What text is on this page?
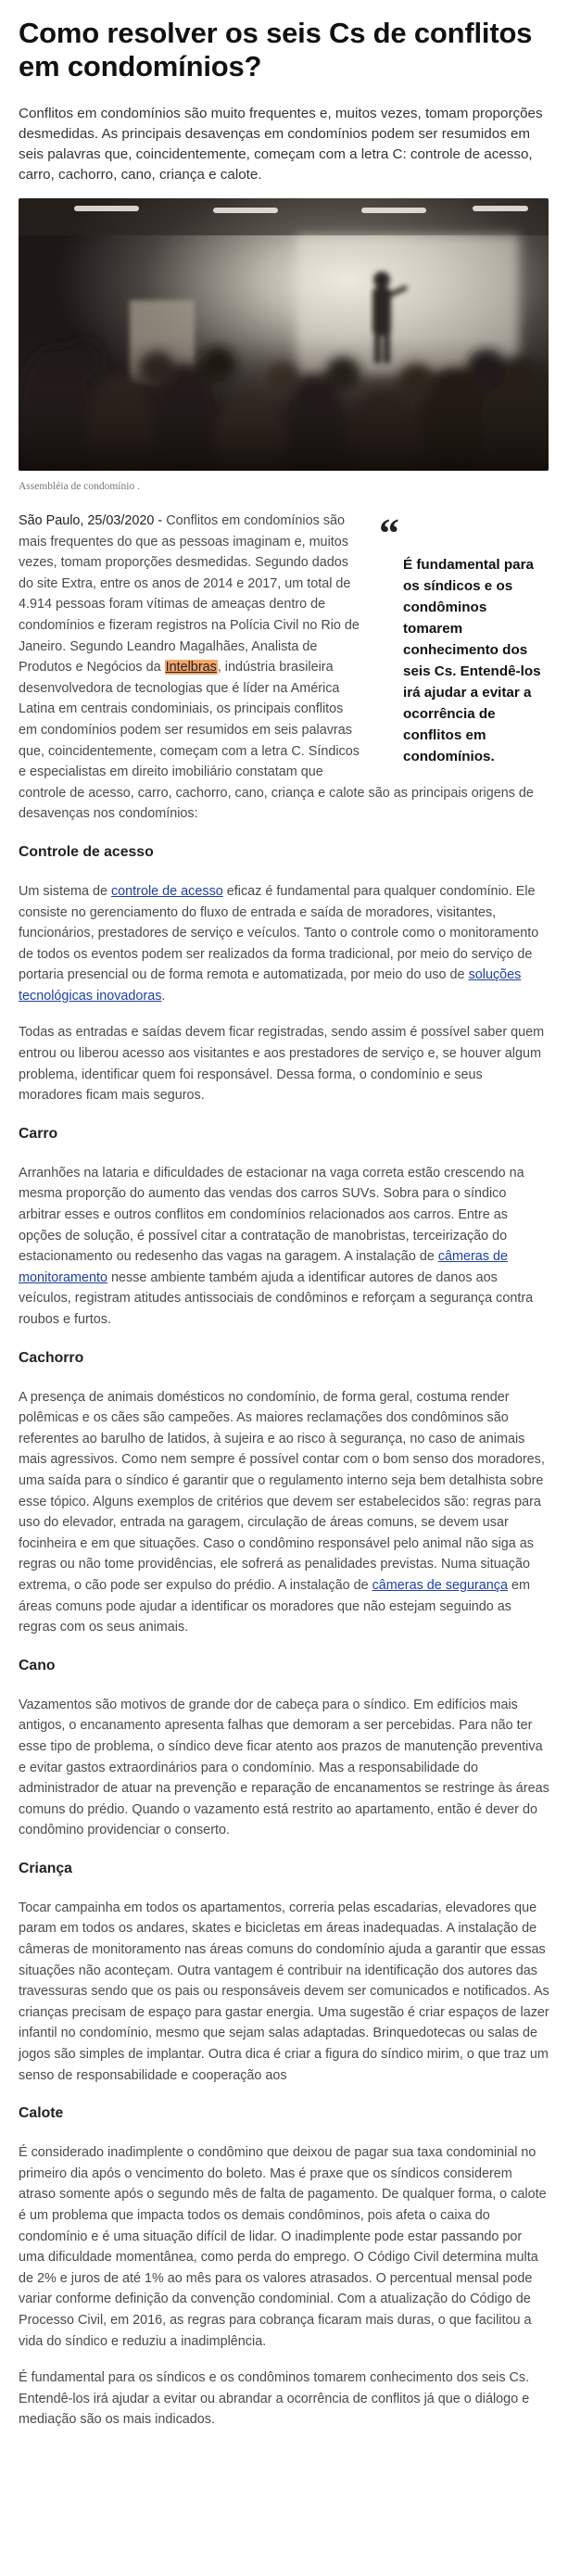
Como resolver os seis Cs de conflitos em condomínios?

Conflitos em condomínios são muito frequentes e, muitos vezes, tomam proporções desmedidas. As principais desavenças em condomínios podem ser resumidos em seis palavras que, coincidentemente, começam com a letra C: controle de acesso, carro, cachorro, cano, criança e calote.

Assembléia de condomínio .

“

É fundamental para os síndicos e os condôminos tomarem conhecimento dos seis Cs. Entendê-los irá ajudar a evitar a ocorrência de conflitos em condomínios.

São Paulo, 25/03/2020 - Conflitos em condomínios são mais frequentes do que as pessoas imaginam e, muitos vezes, tomam proporções desmedidas. Segundo dados do site Extra, entre os anos de 2014 e 2017, um total de 4.914 pessoas foram vítimas de ameaças dentro de condomínios e fizeram registros na Polícia Civil no Rio de Janeiro. Segundo Leandro Magalhães, Analista de Produtos e Negócios da Intelbras, indústria brasileira desenvolvedora de tecnologias que é líder na América Latina em centrais condominiais, os principais conflitos em condomínios podem ser resumidos em seis palavras que, coincidentemente, começam com a letra C. Síndicos e especialistas em direito imobiliário constatam que controle de acesso, carro, cachorro, cano, criança e calote são as principais origens de desavenças nos condomínios:

Controle de acesso

Um sistema de controle de acesso eficaz é fundamental para qualquer condomínio. Ele consiste no gerenciamento do fluxo de entrada e saída de moradores, visitantes, funcionários, prestadores de serviço e veículos. Tanto o controle como o monitoramento de todos os eventos podem ser realizados da forma tradicional, por meio do serviço de portaria presencial ou de forma remota e automatizada, por meio do uso de soluções tecnológicas inovadoras.

Todas as entradas e saídas devem ficar registradas, sendo assim é possível saber quem entrou ou liberou acesso aos visitantes e aos prestadores de serviço e, se houver algum problema, identificar quem foi responsável. Dessa forma, o condomínio e seus moradores ficam mais seguros.

Carro

Arranhões na lataria e dificuldades de estacionar na vaga correta estão crescendo na mesma proporção do aumento das vendas dos carros SUVs. Sobra para o síndico arbitrar esses e outros conflitos em condomínios relacionados aos carros. Entre as opções de solução, é possível citar a contratação de manobristas, terceirização do estacionamento ou redesenho das vagas na garagem. A instalação de câmeras de monitoramento nesse ambiente também ajuda a identificar autores de danos aos veículos, registram atitudes antissociais de condôminos e reforçam a segurança contra roubos e furtos.

Cachorro

A presença de animais domésticos no condomínio, de forma geral, costuma render polêmicas e os cães são campeões. As maiores reclamações dos condôminos são referentes ao barulho de latidos, à sujeira e ao risco à segurança, no caso de animais mais agressivos. Como nem sempre é possível contar com o bom senso dos moradores, uma saída para o síndico é garantir que o regulamento interno seja bem detalhista sobre esse tópico. Alguns exemplos de critérios que devem ser estabelecidos são: regras para uso do elevador, entrada na garagem, circulação de áreas comuns, se devem usar focinheira e em que situações. Caso o condômino responsável pelo animal não siga as regras ou não tome providências, ele sofrerá as penalidades previstas. Numa situação extrema, o cão pode ser expulso do prédio. A instalação de câmeras de segurança em áreas comuns pode ajudar a identificar os moradores que não estejam seguindo as regras com os seus animais.

Cano

Vazamentos são motivos de grande dor de cabeça para o síndico. Em edifícios mais antigos, o encanamento apresenta falhas que demoram a ser percebidas. Para não ter esse tipo de problema, o síndico deve ficar atento aos prazos de manutenção preventiva e evitar gastos extraordinários para o condomínio. Mas a responsabilidade do administrador de atuar na prevenção e reparação de encanamentos se restringe às áreas comuns do prédio. Quando o vazamento está restrito ao apartamento, então é dever do condômino providenciar o conserto.

Criança

Tocar campainha em todos os apartamentos, correria pelas escadarias, elevadores que param em todos os andares, skates e bicicletas em áreas inadequadas. A instalação de câmeras de monitoramento nas áreas comuns do condomínio ajuda a garantir que essas situações não aconteçam. Outra vantagem é contribuir na identificação dos autores das travessuras sendo que os pais ou responsáveis devem ser comunicados e notificados. As crianças precisam de espaço para gastar energia. Uma sugestão é criar espaços de lazer infantil no condomínio, mesmo que sejam salas adaptadas. Brinquedotecas ou salas de jogos são simples de implantar. Outra dica é criar a figura do síndico mirim, o que traz um senso de responsabilidade e cooperação aos

Calote

É considerado inadimplente o condômino que deixou de pagar sua taxa condominial no primeiro dia após o vencimento do boleto. Mas é praxe que os síndicos considerem atraso somente após o segundo mês de falta de pagamento. De qualquer forma, o calote é um problema que impacta todos os demais condôminos, pois afeta o caixa do condomínio e é uma situação difícil de lidar. O inadimplente pode estar passando por uma dificuldade momentânea, como perda do emprego. O Código Civil determina multa de 2% e juros de até 1% ao mês para os valores atrasados. O percentual mensal pode variar conforme definição da convenção condominial. Com a atualização do Código de Processo Civil, em 2016, as regras para cobrança ficaram mais duras, o que facilitou a vida do síndico e reduziu a inadimplência.

É fundamental para os síndicos e os condôminos tomarem conhecimento dos seis Cs. Entendê-los irá ajudar a evitar ou abrandar a ocorrência de conflitos já que o diálogo e mediação são os mais indicados.
